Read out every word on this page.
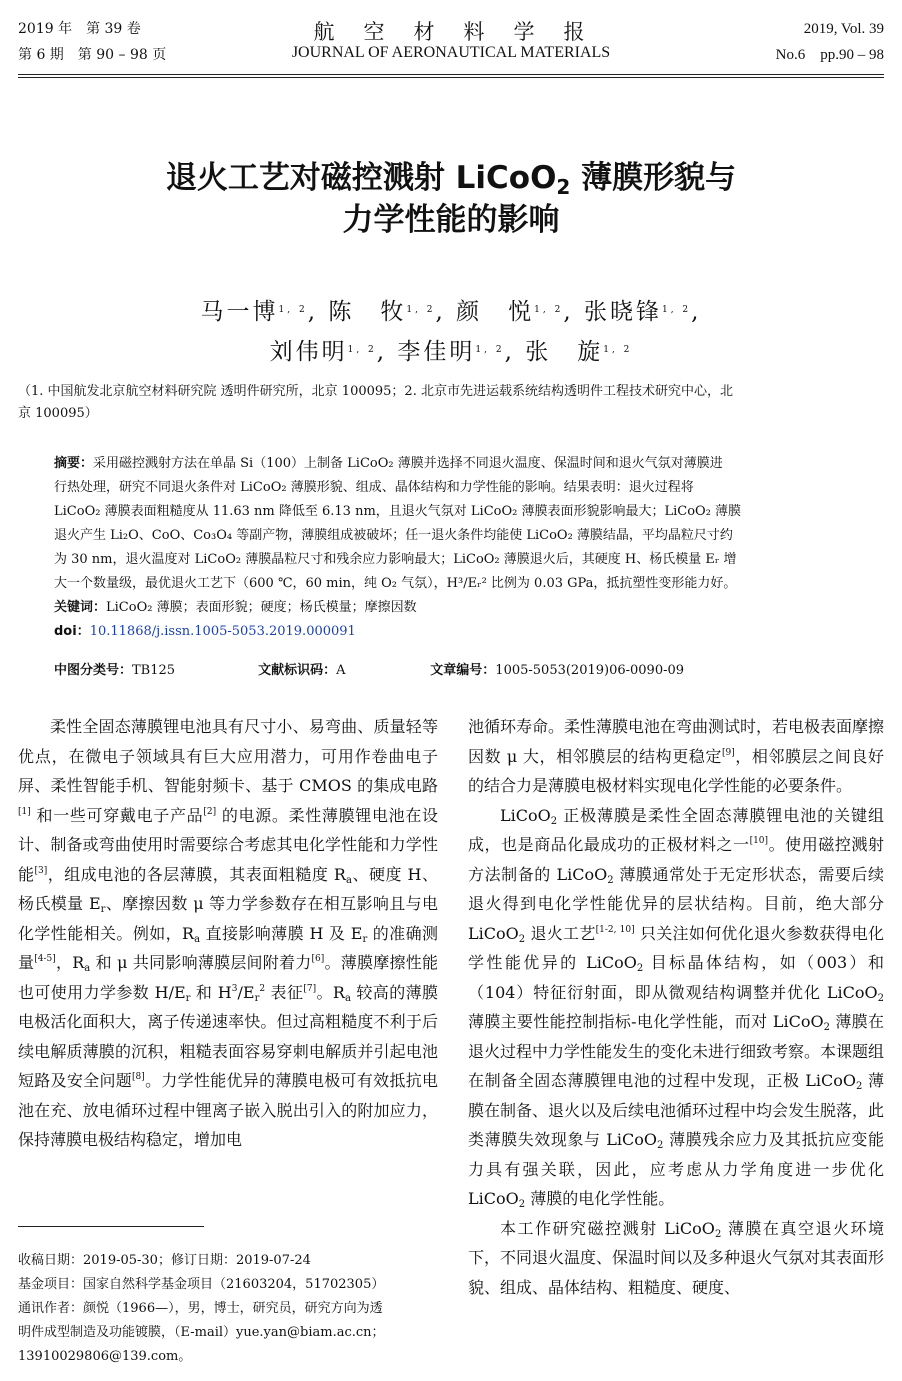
2019 年　第 39 卷
第 6 期　第 90 – 98 页
航　空　材　料　学　报
JOURNAL OF AERONAUTICAL MATERIALS
2019, Vol. 39
No.6　pp.90 – 98
退火工艺对磁控溅射 LiCoO$_2$ 薄膜形貌与
力学性能的影响
马一博$^{1, 2}$, 陈　牧$^{1, 2}$, 颜　悦$^{1, 2}$, 张晓锋$^{1, 2}$,
刘伟明$^{1, 2}$, 李佳明$^{1, 2}$, 张　旋$^{1, 2}$
（1. 中国航发北京航空材料研究院 透明件研究所，北京 100095；2. 北京市先进运载系统结构透明件工程技术研究中心，北
京 100095）
摘要：采用磁控溅射方法在单晶 Si（100）上制备 LiCoO₂ 薄膜并选择不同退火温度、保温时间和退火气氛对薄膜进
行热处理，研究不同退火条件对 LiCoO₂ 薄膜形貌、组成、晶体结构和力学性能的影响。结果表明：退火过程将
LiCoO₂ 薄膜表面粗糙度从 11.63 nm 降低至 6.13 nm，且退火气氛对 LiCoO₂ 薄膜表面形貌影响最大；LiCoO₂ 薄膜
退火产生 Li₂O、CoO、Co₃O₄ 等副产物，薄膜组成被破坏；任一退火条件均能使 LiCoO₂ 薄膜结晶，平均晶粒尺寸约
为 30 nm，退火温度对 LiCoO₂ 薄膜晶粒尺寸和残余应力影响最大；LiCoO₂ 薄膜退火后，其硬度 H、杨氏模量 Eᵣ 增
大一个数量级，最优退火工艺下（600 ℃，60 min，纯 O₂ 气氛），H³/Eᵣ² 比例为 0.03 GPa，抵抗塑性变形能力好。
关键词：LiCoO₂ 薄膜；表面形貌；硬度；杨氏模量；摩擦因数
doi：10.11868/j.issn.1005-5053.2019.000091
中图分类号：TB125	文献标识码：A	文章编号：1005-5053(2019)06-0090-09

柔性全固态薄膜锂电池具有尺寸小、易弯曲、质量轻等优点，在微电子领域具有巨大应用潜力，可用作卷曲电子屏、柔性智能手机、智能射频卡、基于 CMOS 的集成电路[1] 和一些可穿戴电子产品[2] 的电源。柔性薄膜锂电池在设计、制备或弯曲使用时需要综合考虑其电化学性能和力学性能[3]，组成电池的各层薄膜，其表面粗糙度 $R_a$、硬度 H、杨氏模量 $E_r$、摩擦因数 μ 等力学参数存在相互影响且与电化学性能相关。例如，$R_a$ 直接影响薄膜 H 及 $E_r$ 的准确测量[4-5]，$R_a$ 和 μ 共同影响薄膜层间附着力[6]。薄膜摩擦性能也可使用力学参数 $H/E_r$ 和 $H^3/E_r^2$ 表征[7]。$R_a$ 较高的薄膜电极活化面积大，离子传递速率快。但过高粗糙度不利于后续电解质薄膜的沉积，粗糙表面容易穿刺电解质并引起电池短路及安全问题[8]。力学性能优异的薄膜电极可有效抵抗电池在充、放电循环过程中锂离子嵌入脱出引入的附加应力，保持薄膜电极结构稳定，增加电

收稿日期：2019-05-30；修订日期：2019-07-24
基金项目：国家自然科学基金项目（21603204，51702305）
通讯作者：颜悦（1966—），男，博士，研究员，研究方向为透
明件成型制造及功能镀膜，（E-mail）yue.yan@biam.ac.cn；
13910029806@139.com。

池循环寿命。柔性薄膜电池在弯曲测试时，若电极表面摩擦因数 μ 大，相邻膜层的结构更稳定[9]，相邻膜层之间良好的结合力是薄膜电极材料实现电化学性能的必要条件。

LiCoO$_2$ 正极薄膜是柔性全固态薄膜锂电池的关键组成，也是商品化最成功的正极材料之一[10]。使用磁控溅射方法制备的 LiCoO$_2$ 薄膜通常处于无定形状态，需要后续退火得到电化学性能优异的层状结构。目前，绝大部分 LiCoO$_2$ 退火工艺[1-2, 10] 只关注如何优化退火参数获得电化学性能优异的 LiCoO$_2$ 目标晶体结构，如（003）和（104）特征衍射面，即从微观结构调整并优化 LiCoO$_2$ 薄膜主要性能控制指标-电化学性能，而对 LiCoO$_2$ 薄膜在退火过程中力学性能发生的变化未进行细致考察。本课题组在制备全固态薄膜锂电池的过程中发现，正极 LiCoO$_2$ 薄膜在制备、退火以及后续电池循环过程中均会发生脱落，此类薄膜失效现象与 LiCoO$_2$ 薄膜残余应力及其抵抗应变能力具有强关联，因此，应考虑从力学角度进一步优化 LiCoO$_2$ 薄膜的电化学性能。

本工作研究磁控溅射 LiCoO$_2$ 薄膜在真空退火环境下，不同退火温度、保温时间以及多种退火气氛对其表面形貌、组成、晶体结构、粗糙度、硬度、
